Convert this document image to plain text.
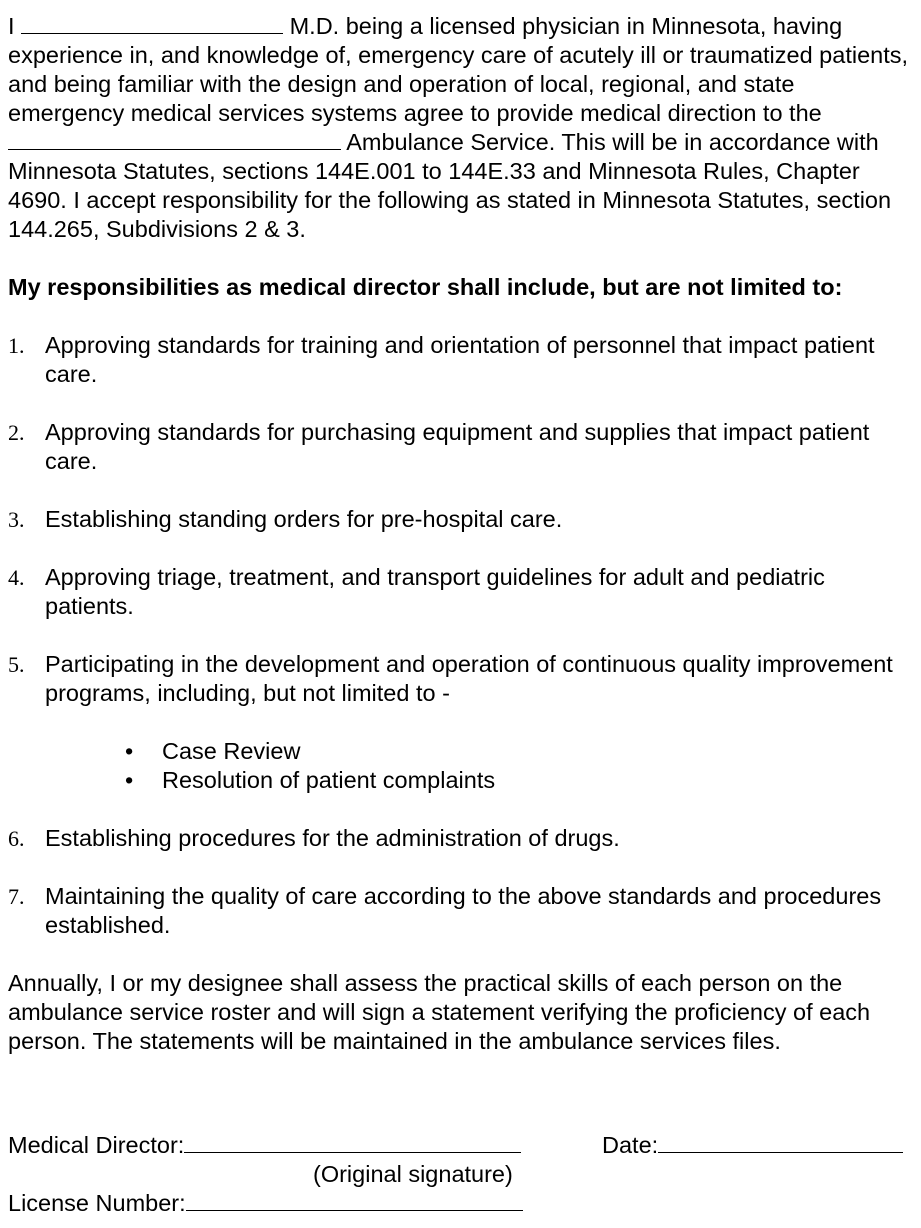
I	M.D. being a licensed physician in Minnesota, having experience in, and knowledge of, emergency care of acutely ill or traumatized patients, and being familiar with the design and operation of local, regional, and state emergency medical services systems agree to provide medical direction to the  Ambulance Service. This will be in accordance with Minnesota Statutes, sections 144E.001 to 144E.33 and Minnesota Rules, Chapter 4690. I accept responsibility for the following as stated in Minnesota Statutes, section 144.265, Subdivisions 2 & 3.

My responsibilities as medical director shall include, but are not limited to:

1. Approving standards for training and orientation of personnel that impact patient care.
2. Approving standards for purchasing equipment and supplies that impact patient care.
3. Establishing standing orders for pre-hospital care.
4. Approving triage, treatment, and transport guidelines for adult and pediatric patients.
5. Participating in the development and operation of continuous quality improvement programs, including, but not limited to -
• Case Review
• Resolution of patient complaints
6. Establishing procedures for the administration of drugs.
7. Maintaining the quality of care according to the above standards and procedures established.

Annually, I or my designee shall assess the practical skills of each person on the ambulance service roster and will sign a statement verifying the proficiency of each person. The statements will be maintained in the ambulance services files.

Medical Director:	Date:
(Original signature)
License Number:
